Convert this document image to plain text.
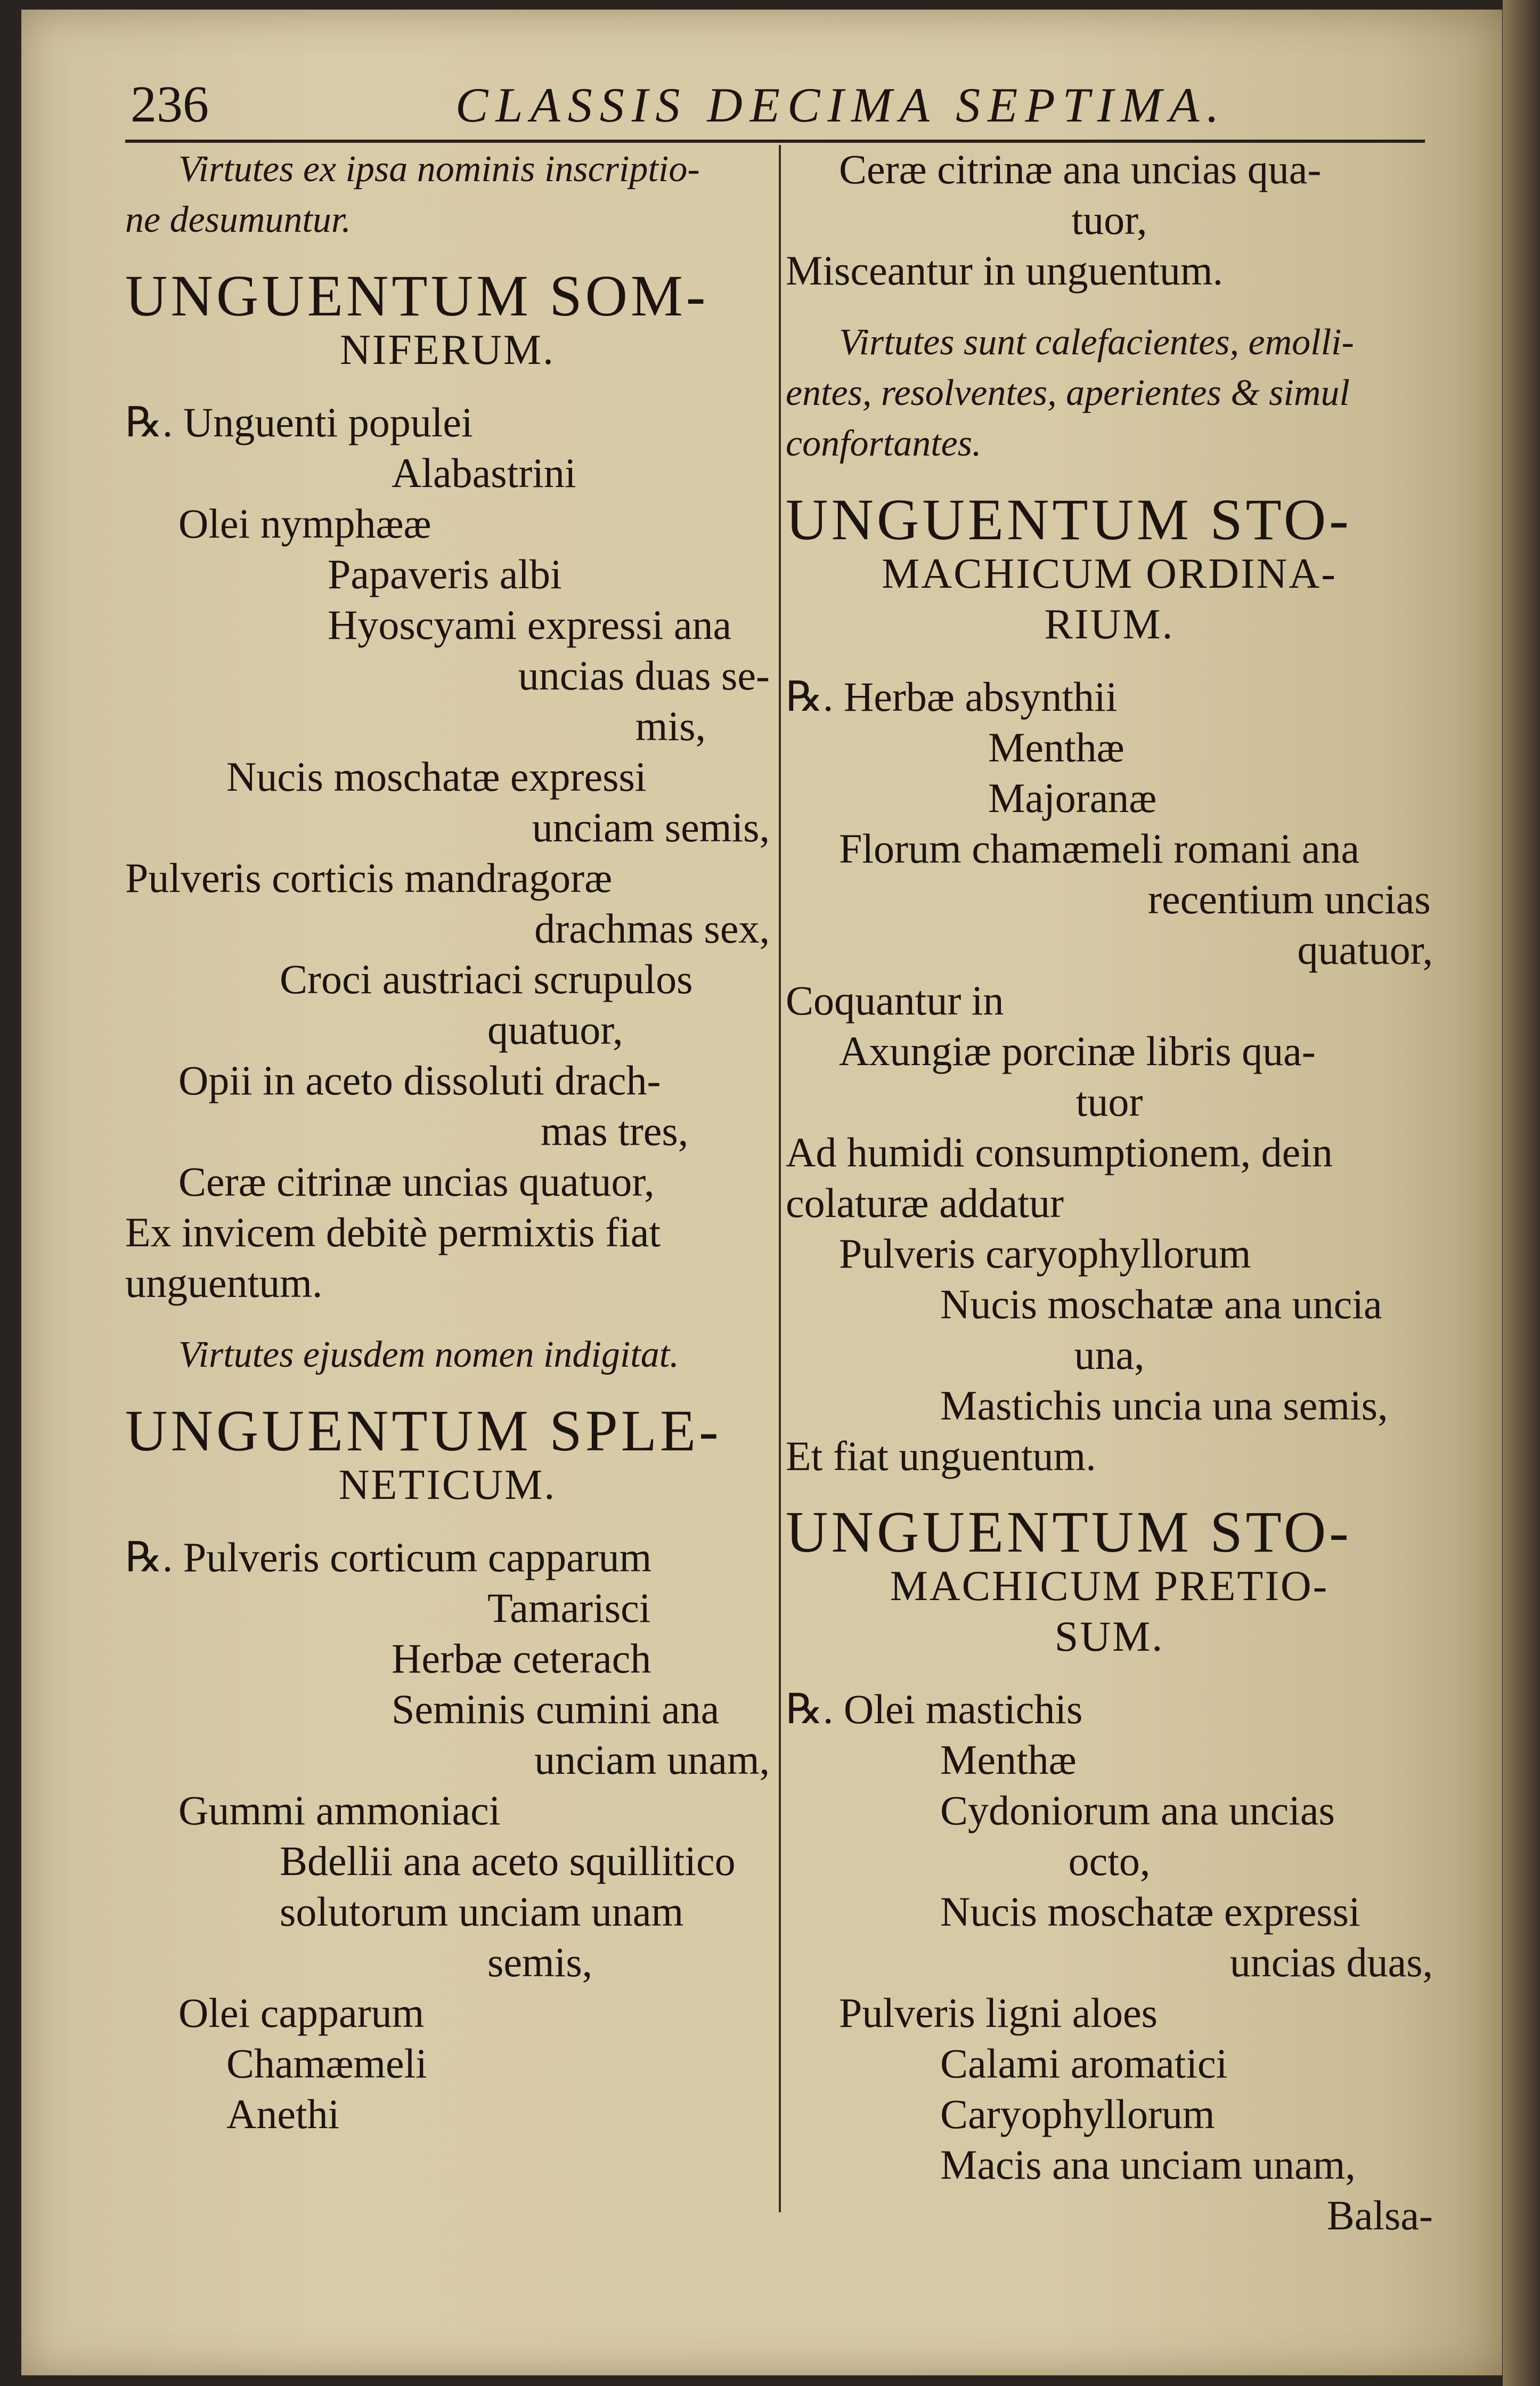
236	CLASSIS DECIMA SEPTIMA.
Virtutes ex ipsa nominis inscriptio-
ne desumuntur.
UNGUENTUM SOM-
NIFERUM.
℞. Unguenti populei
Alabastrini
Olei nymphææ
Papaveris albi
Hyoscyami expressi ana
uncias duas se-
mis,
Nucis moschatæ expressi
unciam semis,
Pulveris corticis mandragoræ
drachmas sex,
Croci austriaci scrupulos
quatuor,
Opii in aceto dissoluti drach-
mas tres,
Ceræ citrinæ uncias quatuor,
Ex invicem debitè permixtis fiat
unguentum.
Virtutes ejusdem nomen indigitat.
UNGUENTUM SPLE-
NETICUM.
℞. Pulveris corticum capparum
Tamarisci
Herbæ ceterach
Seminis cumini ana
unciam unam,
Gummi ammoniaci
Bdellii ana aceto squillitico
solutorum unciam unam
semis,
Olei capparum
Chamæmeli
Anethi
Ceræ citrinæ ana uncias qua-
tuor,
Misceantur in unguentum.
Virtutes sunt calefacientes, emolli-
entes, resolventes, aperientes & simul
confortantes.
UNGUENTUM STO-
MACHICUM ORDINA-
RIUM.
℞. Herbæ absynthii
Menthæ
Majoranæ
Florum chamæmeli romani ana
recentium uncias
quatuor,
Coquantur in
Axungiæ porcinæ libris qua-
tuor
Ad humidi consumptionem, dein
colaturæ addatur
Pulveris caryophyllorum
Nucis moschatæ ana uncia
una,
Mastichis uncia una semis,
Et fiat unguentum.
UNGUENTUM STO-
MACHICUM PRETIO-
SUM.
℞. Olei mastichis
Menthæ
Cydoniorum ana uncias
octo,
Nucis moschatæ expressi
uncias duas,
Pulveris ligni aloes
Calami aromatici
Caryophyllorum
Macis ana unciam unam,
Balsa-
